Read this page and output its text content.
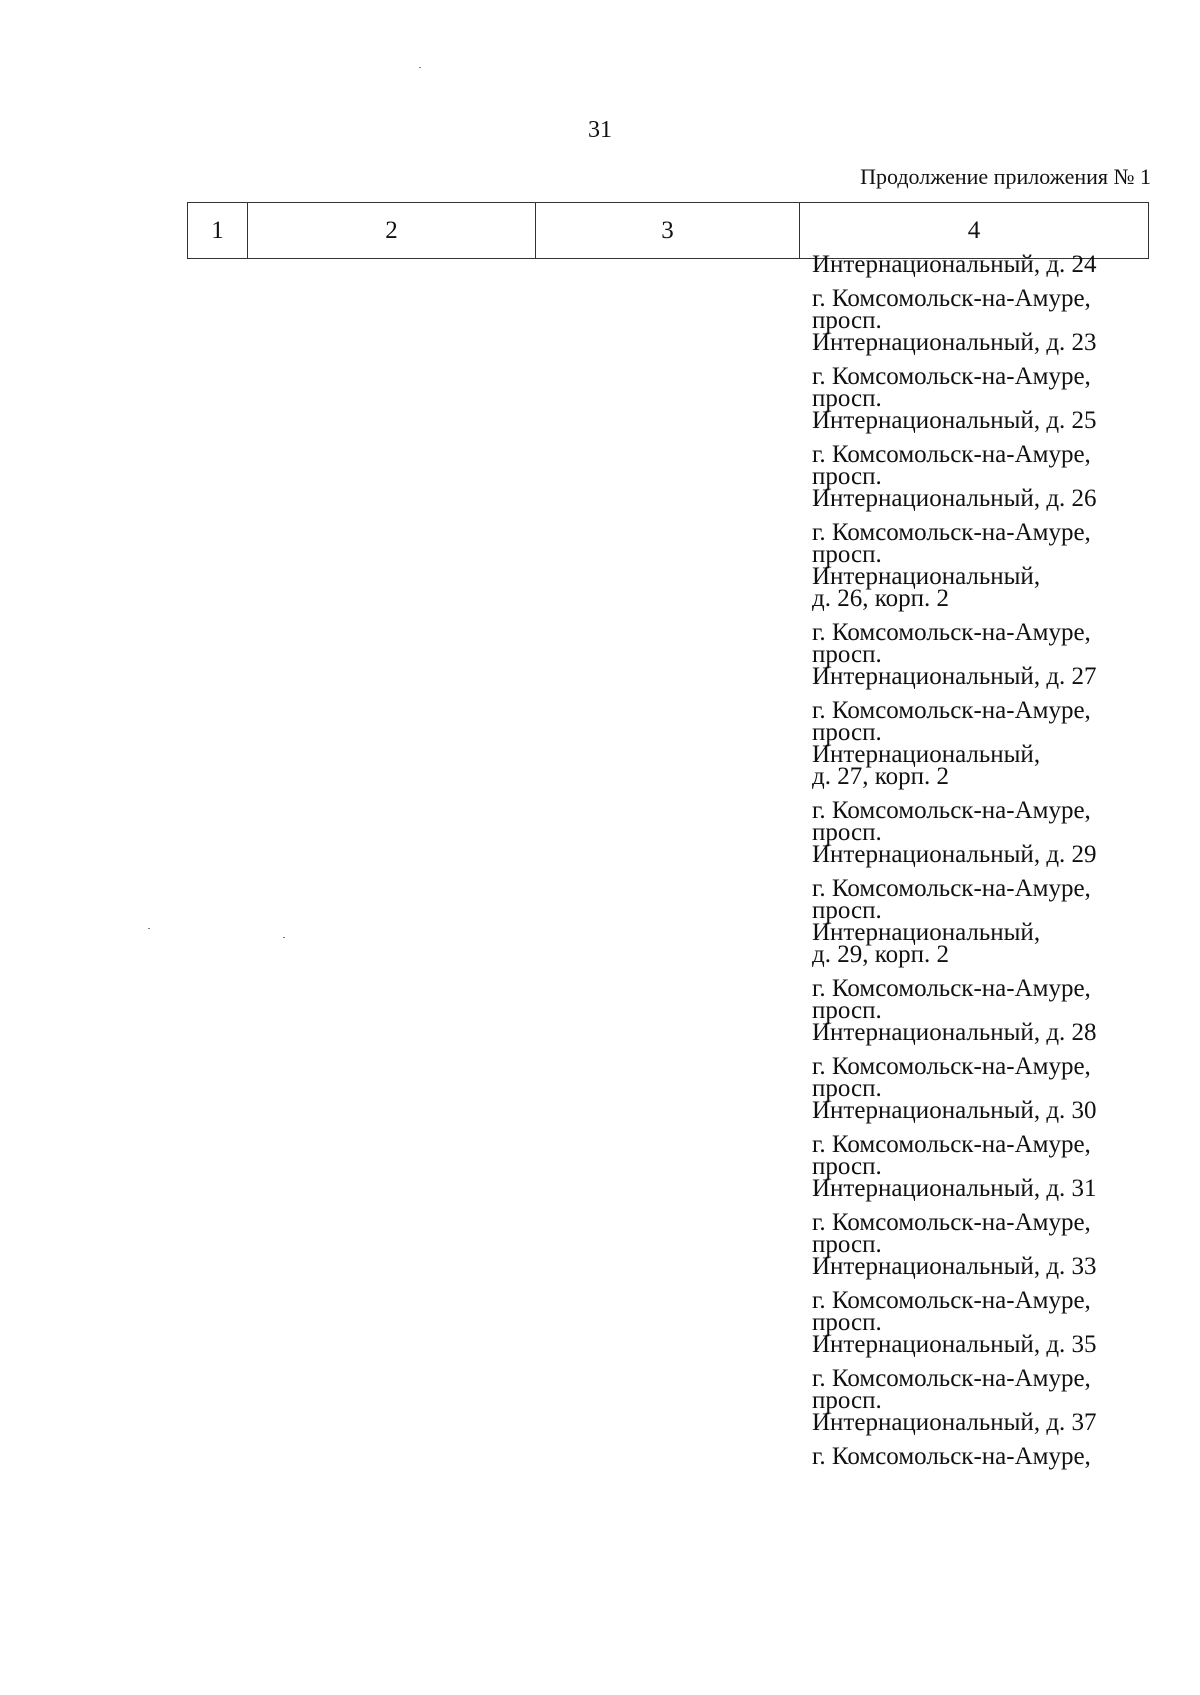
31
Продолжение приложения № 1
1	2	3	4
Интернациональный, д. 24
г. Комсомольск-на-Амуре,
просп.
Интернациональный, д. 23
г. Комсомольск-на-Амуре,
просп.
Интернациональный, д. 25
г. Комсомольск-на-Амуре,
просп.
Интернациональный, д. 26
г. Комсомольск-на-Амуре,
просп.
Интернациональный,
д. 26, корп. 2
г. Комсомольск-на-Амуре,
просп.
Интернациональный, д. 27
г. Комсомольск-на-Амуре,
просп.
Интернациональный,
д. 27, корп. 2
г. Комсомольск-на-Амуре,
просп.
Интернациональный, д. 29
г. Комсомольск-на-Амуре,
просп.
Интернациональный,
д. 29, корп. 2
г. Комсомольск-на-Амуре,
просп.
Интернациональный, д. 28
г. Комсомольск-на-Амуре,
просп.
Интернациональный, д. 30
г. Комсомольск-на-Амуре,
просп.
Интернациональный, д. 31
г. Комсомольск-на-Амуре,
просп.
Интернациональный, д. 33
г. Комсомольск-на-Амуре,
просп.
Интернациональный, д. 35
г. Комсомольск-на-Амуре,
просп.
Интернациональный, д. 37
г. Комсомольск-на-Амуре,
